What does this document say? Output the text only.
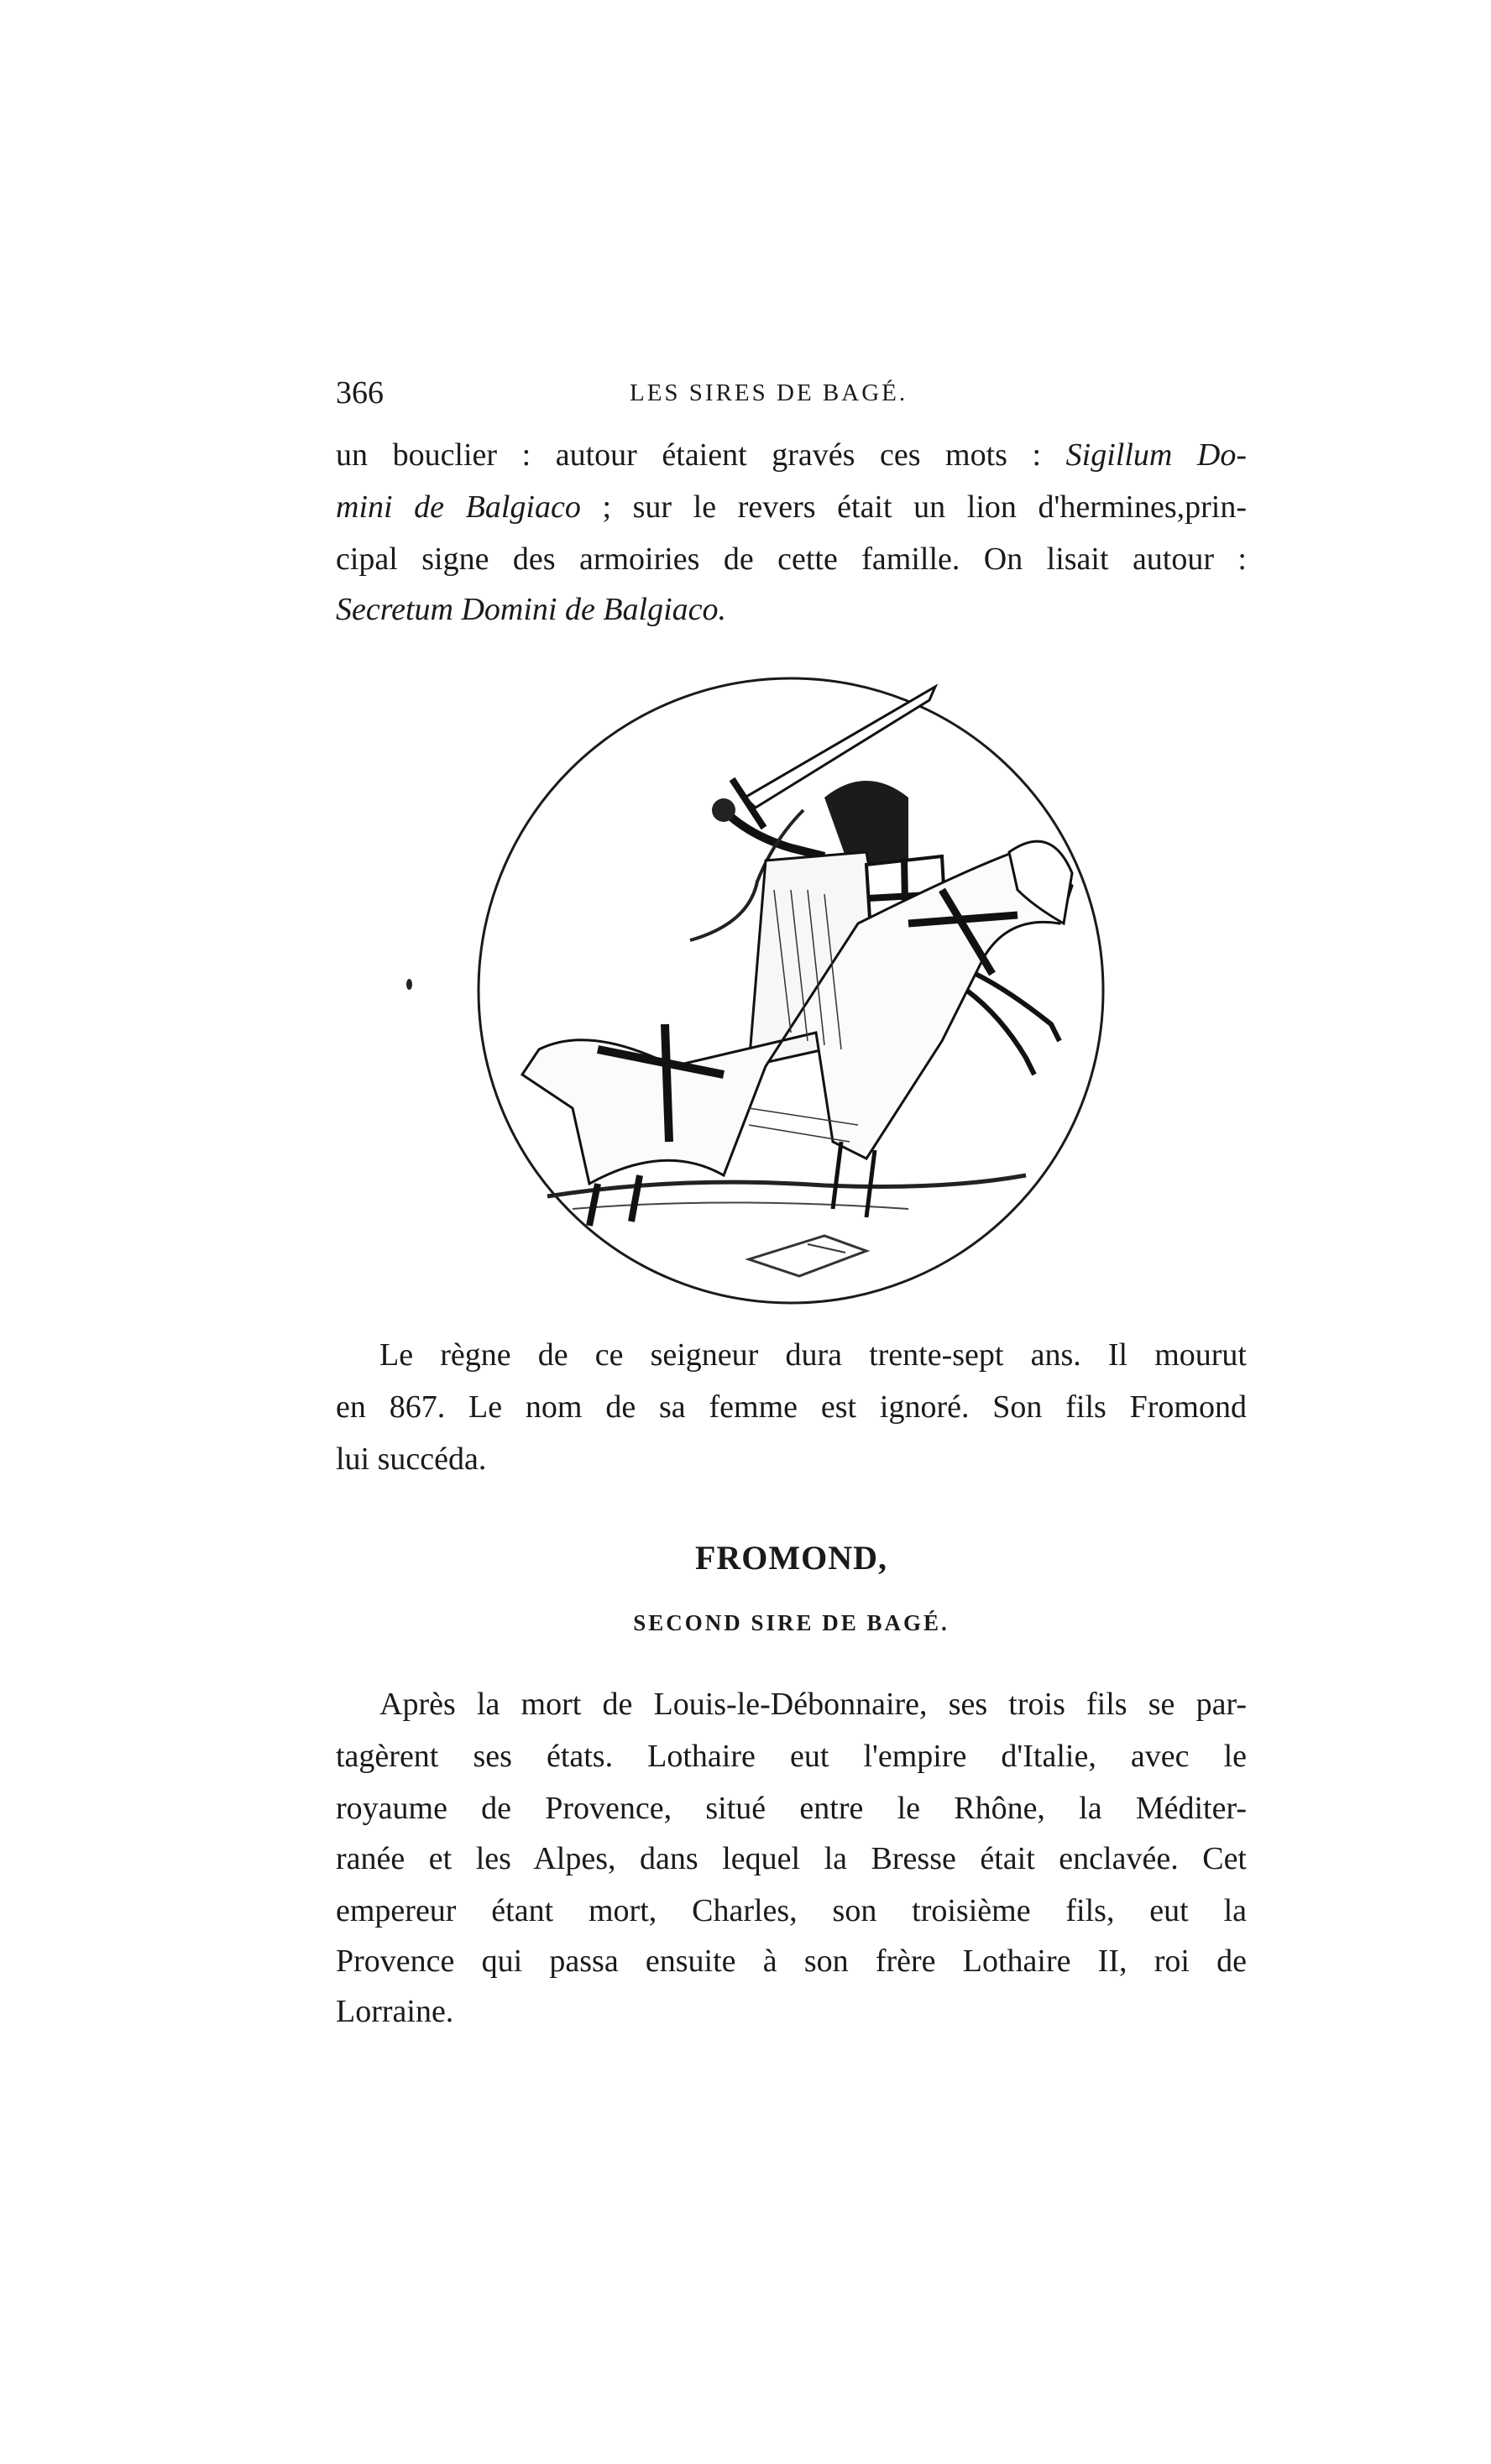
366	LES SIRES DE BAGÉ.
un bouclier : autour étaient gravés ces mots : Sigillum Do-
mini de Balgiaco ; sur le revers était un lion d'hermines,prin-
cipal signe des armoiries de cette famille. On lisait autour :
Secretum Domini de Balgiaco.
Le règne de ce seigneur dura trente-sept ans. Il mourut
en 867. Le nom de sa femme est ignoré. Son fils Fromond
lui succéda.
FROMOND,
SECOND SIRE DE BAGÉ.
Après la mort de Louis-le-Débonnaire, ses trois fils se par-
tagèrent ses états. Lothaire eut l'empire d'Italie, avec le
royaume de Provence, situé entre le Rhône, la Méditer-
ranée et les Alpes, dans lequel la Bresse était enclavée. Cet
empereur étant mort, Charles, son troisième fils, eut la
Provence qui passa ensuite à son frère Lothaire II, roi de
Lorraine.
